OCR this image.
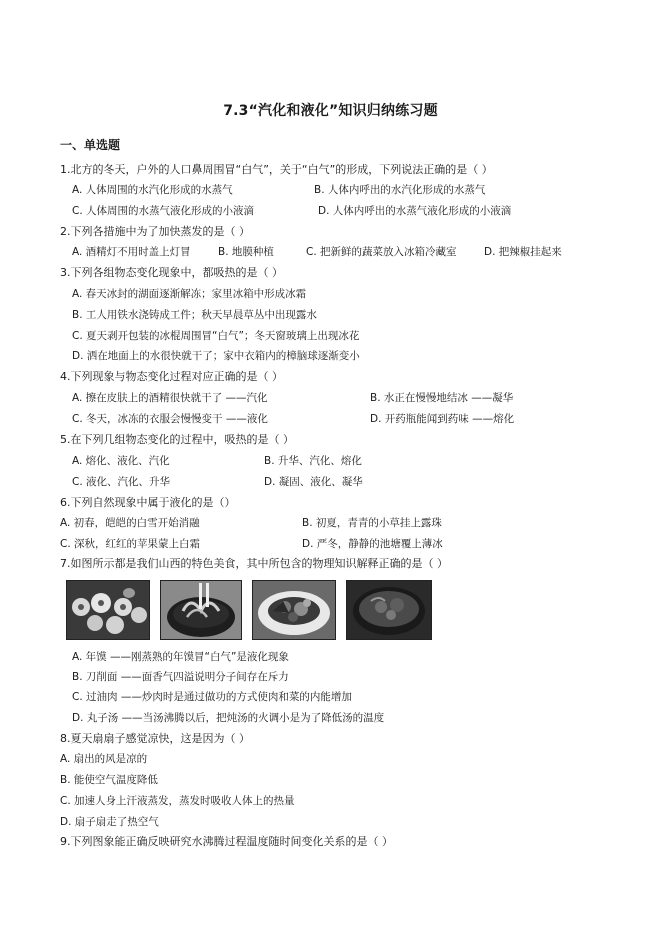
7.3“汽化和液化”知识归纳练习题
一、单选题
1.北方的冬天，户外的人口鼻周围冒“白气”，关于“白气”的形成，下列说法正确的是（ ）
A. 人体周围的水汽化形成的水蒸气	B. 人体内呼出的水汽化形成的水蒸气
C. 人体周围的水蒸气液化形成的小液滴	D. 人体内呼出的水蒸气液化形成的小液滴
2.下列各措施中为了加快蒸发的是（ ）
A. 酒精灯不用时盖上灯冒	B. 地膜种植	C. 把新鲜的蔬菜放入冰箱冷藏室	D. 把辣椒挂起来
3.下列各组物态变化现象中，都吸热的是（ ）
A. 春天冰封的湖面逐渐解冻；家里冰箱中形成冰霜
B. 工人用铁水浇铸成工件；秋天早晨草丛中出现露水
C. 夏天剥开包装的冰棍周围冒“白气”；冬天窗玻璃上出现冰花
D. 洒在地面上的水很快就干了；家中衣箱内的樟脑球逐渐变小
4.下列现象与物态变化过程对应正确的是（ ）
A. 擦在皮肤上的酒精很快就干了 ——汽化	B. 水正在慢慢地结冰 ——凝华
C. 冬天，冰冻的衣服会慢慢变干 ——液化	D. 开药瓶能闻到药味 ——熔化
5.在下列几组物态变化的过程中，吸热的是（ ）
A. 熔化、液化、汽化	B. 升华、汽化、熔化
C. 液化、汽化、升华	D. 凝固、液化、凝华
6.下列自然现象中属于液化的是（）
A. 初春，皑皑的白雪开始消融	B. 初夏，青青的小草挂上露珠
C. 深秋，红红的苹果蒙上白霜	D. 严冬，静静的池塘覆上薄冰
7.如图所示都是我们山西的特色美食，其中所包含的物理知识解释正确的是（ ）
A. 年馍 ——刚蒸熟的年馍冒“白气”是液化现象
B. 刀削面 ——面香气四溢说明分子间存在斥力
C. 过油肉 ——炒肉时是通过做功的方式使肉和菜的内能增加
D. 丸子汤 ——当汤沸腾以后，把炖汤的火调小是为了降低汤的温度
8.夏天扇扇子感觉凉快，这是因为（ ）
A. 扇出的风是凉的
B. 能使空气温度降低
C. 加速人身上汗液蒸发，蒸发时吸收人体上的热量
D. 扇子扇走了热空气
9.下列图象能正确反映研究水沸腾过程温度随时间变化关系的是（ ）
